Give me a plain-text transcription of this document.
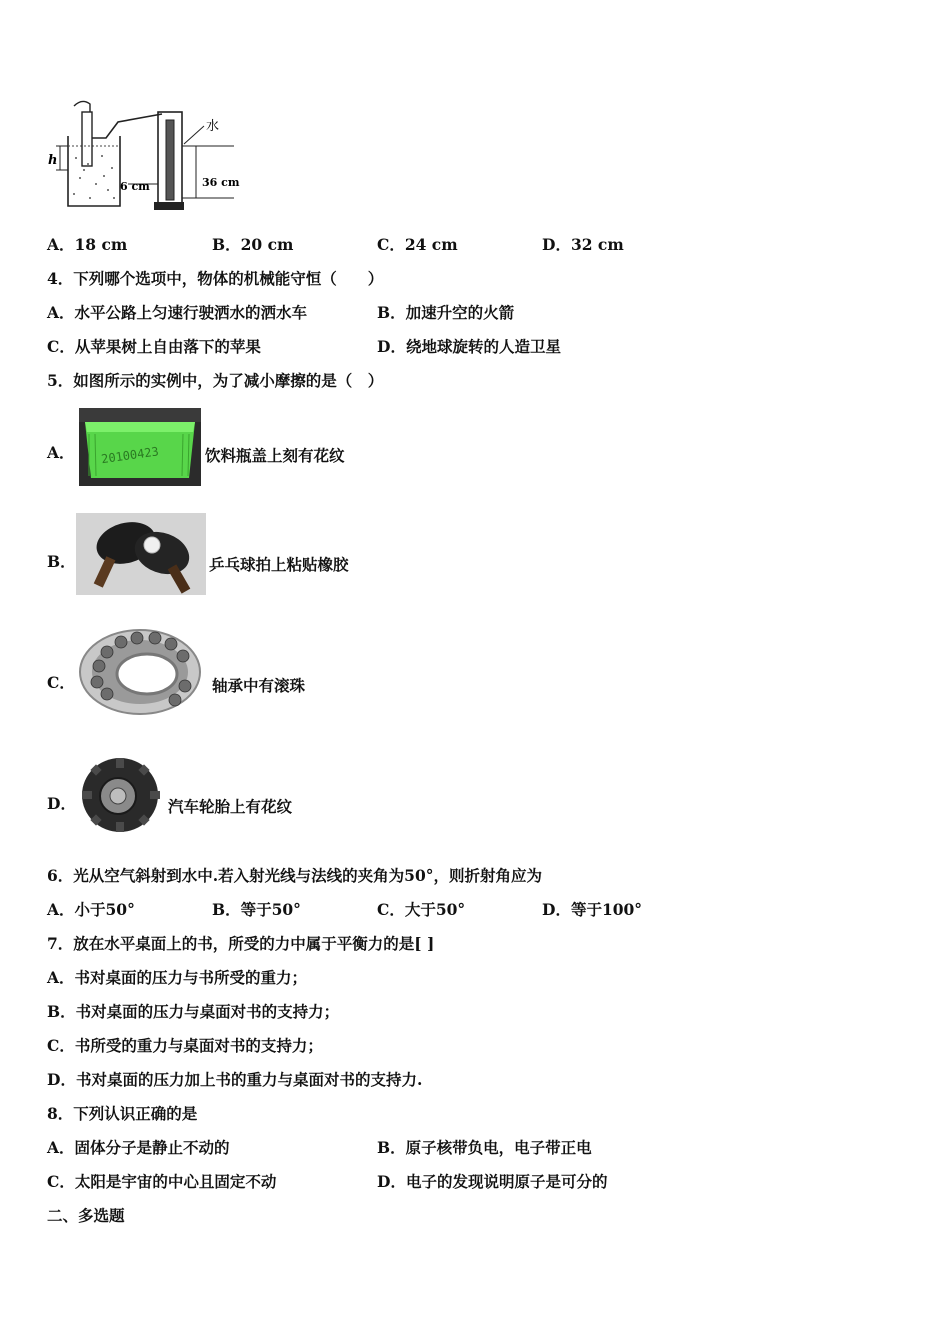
水
h
6 cm	36 cm
A．18 cm	B．20 cm	C．24 cm	D．32 cm
4．下列哪个选项中，物体的机械能守恒（　　）
A．水平公路上匀速行驶洒水的洒水车	B．加速升空的火箭
C．从苹果树上自由落下的苹果	D．绕地球旋转的人造卫星
5．如图所示的实例中，为了减小摩擦的是（　）
A． 20100423	饮料瓶盖上刻有花纹
B．	乒乓球拍上粘贴橡胶
C．	轴承中有滚珠
D．	汽车轮胎上有花纹
6．光从空气斜射到水中.若入射光线与法线的夹角为50°，则折射角应为
A．小于50°	B．等于50°	C．大于50°	D．等于100°
7．放在水平桌面上的书，所受的力中属于平衡力的是[ ]
A．书对桌面的压力与书所受的重力；
B．书对桌面的压力与桌面对书的支持力；
C．书所受的重力与桌面对书的支持力；
D．书对桌面的压力加上书的重力与桌面对书的支持力.
8．下列认识正确的是
A．固体分子是静止不动的	B．原子核带负电，电子带正电
C．太阳是宇宙的中心且固定不动	D．电子的发现说明原子是可分的
二、多选题
